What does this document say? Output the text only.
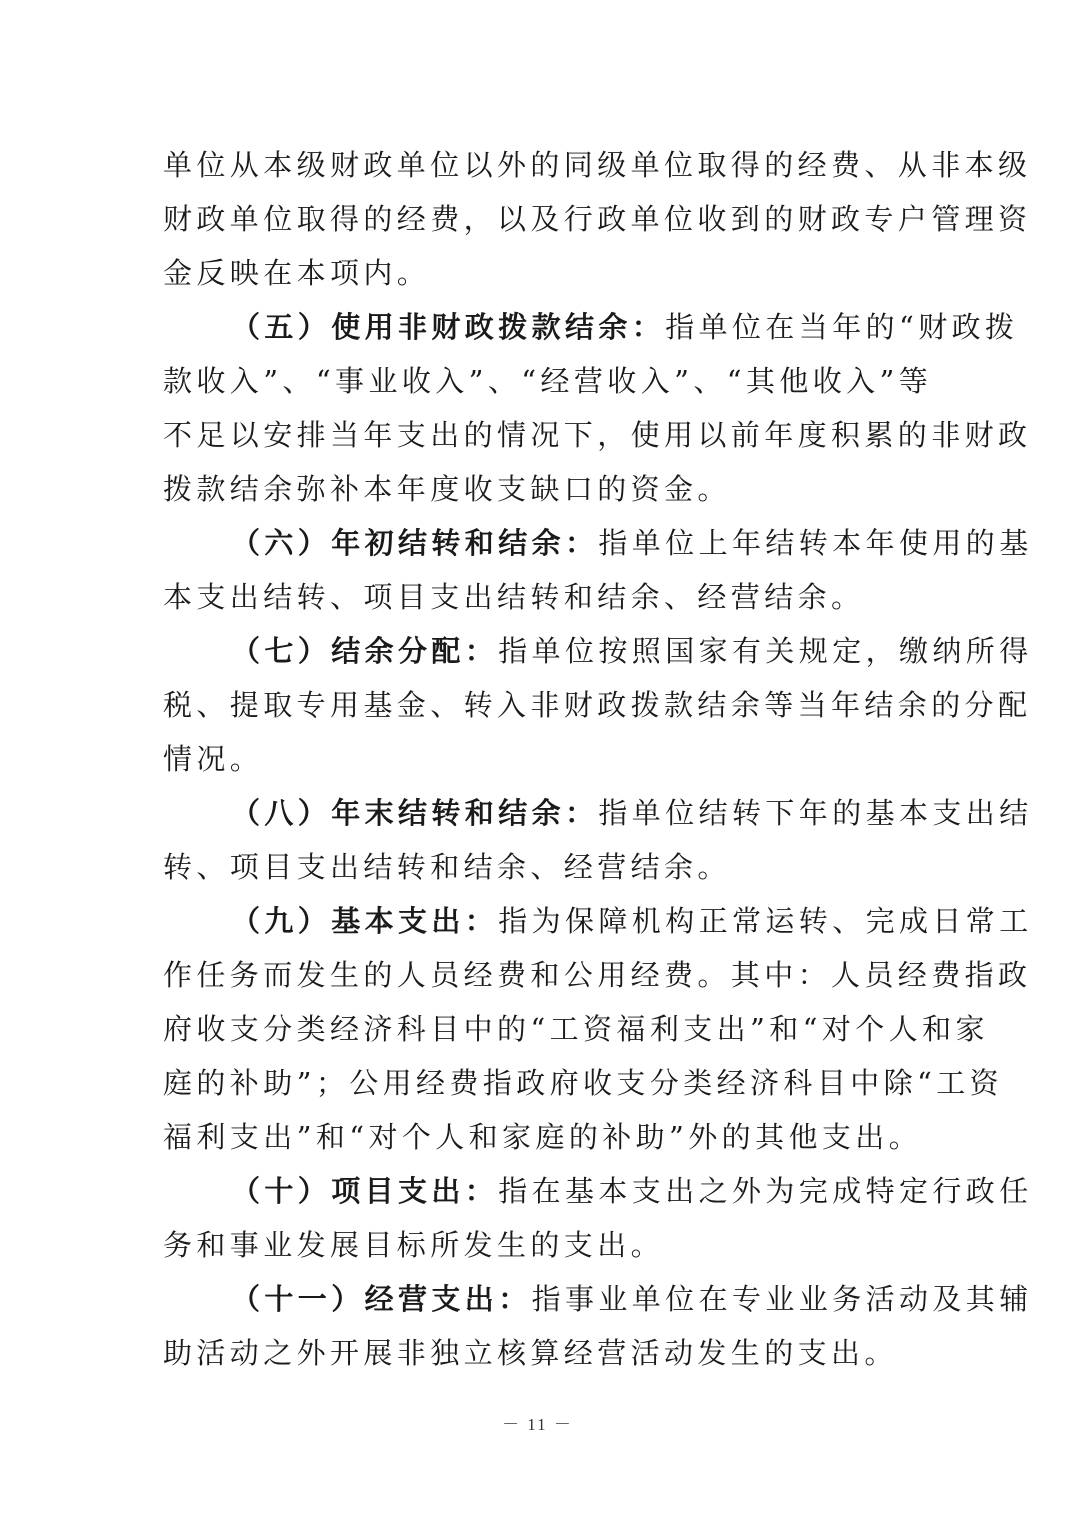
单位从本级财政单位以外的同级单位取得的经费、从非本级
财政单位取得的经费，以及行政单位收到的财政专户管理资
金反映在本项内。

（五）使用非财政拨款结余：指单位在当年的“财政拨
款收入”、“事业收入”、“经营收入”、“其他收入”等
不足以安排当年支出的情况下，使用以前年度积累的非财政
拨款结余弥补本年度收支缺口的资金。

（六）年初结转和结余：指单位上年结转本年使用的基
本支出结转、项目支出结转和结余、经营结余。

（七）结余分配：指单位按照国家有关规定，缴纳所得
税、提取专用基金、转入非财政拨款结余等当年结余的分配
情况。

（八）年末结转和结余：指单位结转下年的基本支出结
转、项目支出结转和结余、经营结余。

（九）基本支出：指为保障机构正常运转、完成日常工
作任务而发生的人员经费和公用经费。其中：人员经费指政
府收支分类经济科目中的“工资福利支出”和“对个人和家
庭的补助”；公用经费指政府收支分类经济科目中除“工资
福利支出”和“对个人和家庭的补助”外的其他支出。

（十）项目支出：指在基本支出之外为完成特定行政任
务和事业发展目标所发生的支出。

（十一）经营支出：指事业单位在专业业务活动及其辅
助活动之外开展非独立核算经营活动发生的支出。

－ 11 －
